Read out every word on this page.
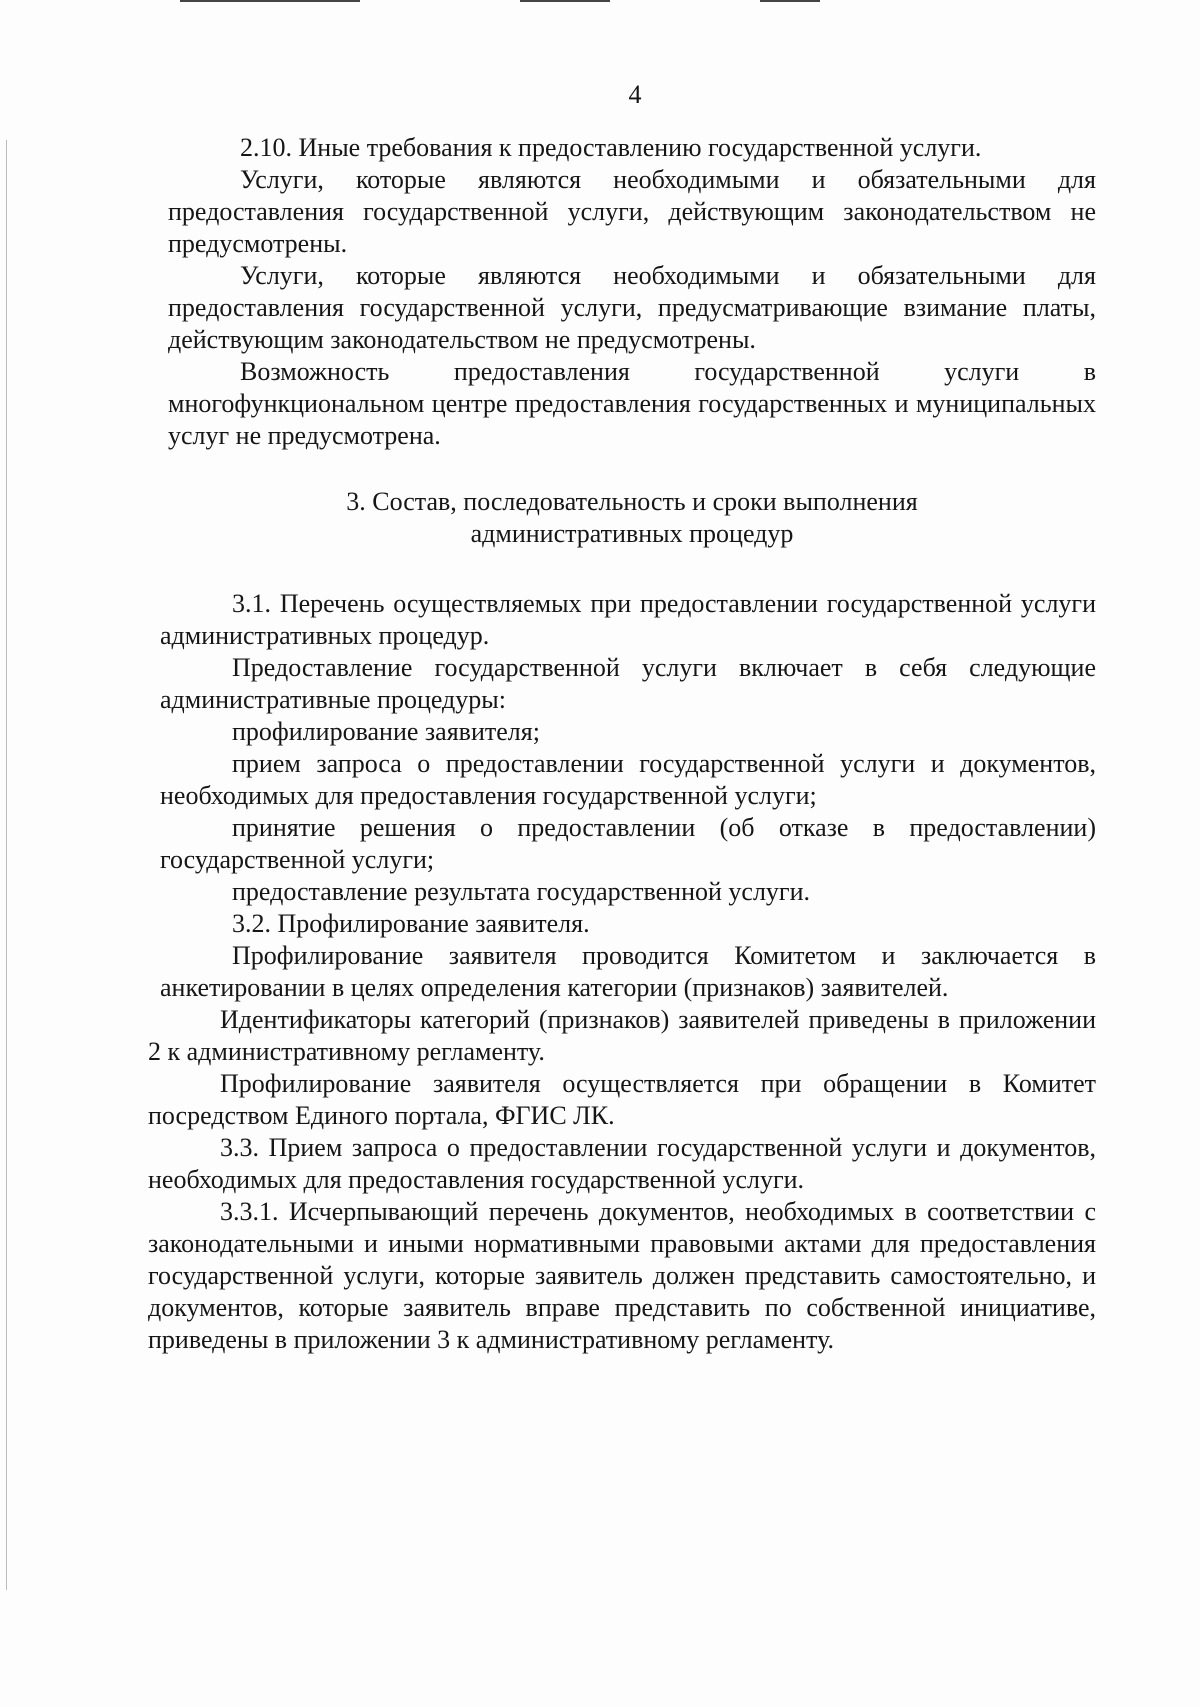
4

2.10. Иные требования к предоставлению государственной услуги.

Услуги, которые являются необходимыми и обязательными для предоставления государственной услуги, действующим законодательством не предусмотрены.

Услуги, которые являются необходимыми и обязательными для предоставления государственной услуги, предусматривающие взимание платы, действующим законодательством не предусмотрены.

Возможность предоставления государственной услуги в многофункциональном центре предоставления государственных и муниципальных услуг не предусмотрена.

3. Состав, последовательность и сроки выполнения
административных процедур

3.1. Перечень осуществляемых при предоставлении государственной услуги административных процедур.

Предоставление государственной услуги включает в себя следующие административные процедуры:

профилирование заявителя;

прием запроса о предоставлении государственной услуги и документов, необходимых для предоставления государственной услуги;

принятие решения о предоставлении (об отказе в предоставлении) государственной услуги;

предоставление результата государственной услуги.

3.2. Профилирование заявителя.

Профилирование заявителя проводится Комитетом и заключается в анкетировании в целях определения категории (признаков) заявителей.

Идентификаторы категорий (признаков) заявителей приведены в приложении 2 к административному регламенту.

Профилирование заявителя осуществляется при обращении в Комитет посредством Единого портала, ФГИС ЛК.

3.3. Прием запроса о предоставлении государственной услуги и документов, необходимых для предоставления государственной услуги.

3.3.1. Исчерпывающий перечень документов, необходимых в соответствии с законодательными и иными нормативными правовыми актами для предоставления государственной услуги, которые заявитель должен представить самостоятельно, и документов, которые заявитель вправе представить по собственной инициативе, приведены в приложении 3 к административному регламенту.
